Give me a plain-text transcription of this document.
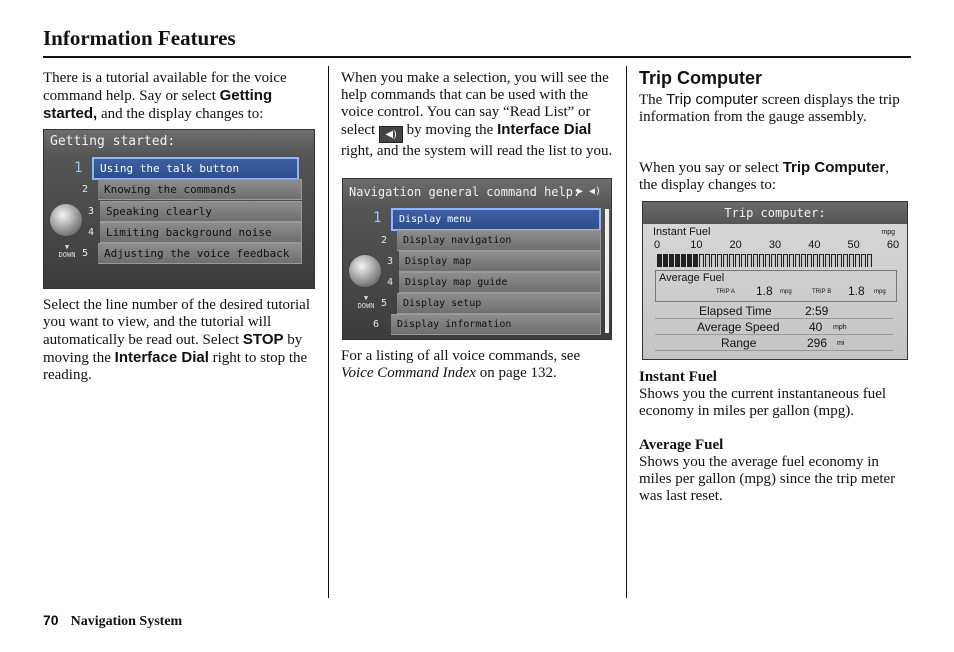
Information Features
There is a tutorial available for the voice command help. Say or select Getting started, and the display changes to:
Getting started:
▼
DOWN
1	Using the talk button
2	Knowing the commands
3	Speaking clearly
4	Limiting background noise
5	Adjusting the voice feedback
Select the line number of the desired tutorial you want to view, and the tutorial will automatically be read out. Select STOP by moving the Interface Dial right to stop the reading.
When you make a selection, you will see the help commands that can be used with the voice control. You can say “Read List” or select ◀) by moving the Interface Dial right, and the system will read the list to you.
Navigation general command help:
▶ ◀)
▼
DOWN
1	Display menu
2	Display navigation
3	Display map
4	Display map guide
5	Display setup
6	Display information
For a listing of all voice commands, see Voice Command Index on page 132.
Trip Computer
The Trip computer screen displays the trip information from the gauge assembly.
When you say or select Trip Computer, the display changes to:
Trip computer:
Instant Fuel	mpg
0	10 20 30 40 50 60
Average Fuel
TRIP A 1.8 mpg	TRIP B 1.8 mpg
Elapsed Time	2:59
Average Speed 40 mph
Range	296 mi
Instant Fuel
Shows you the current instantaneous fuel economy in miles per gallon (mpg).
Average Fuel
Shows you the average fuel economy in miles per gallon (mpg) since the trip meter was last reset.
70 Navigation System
